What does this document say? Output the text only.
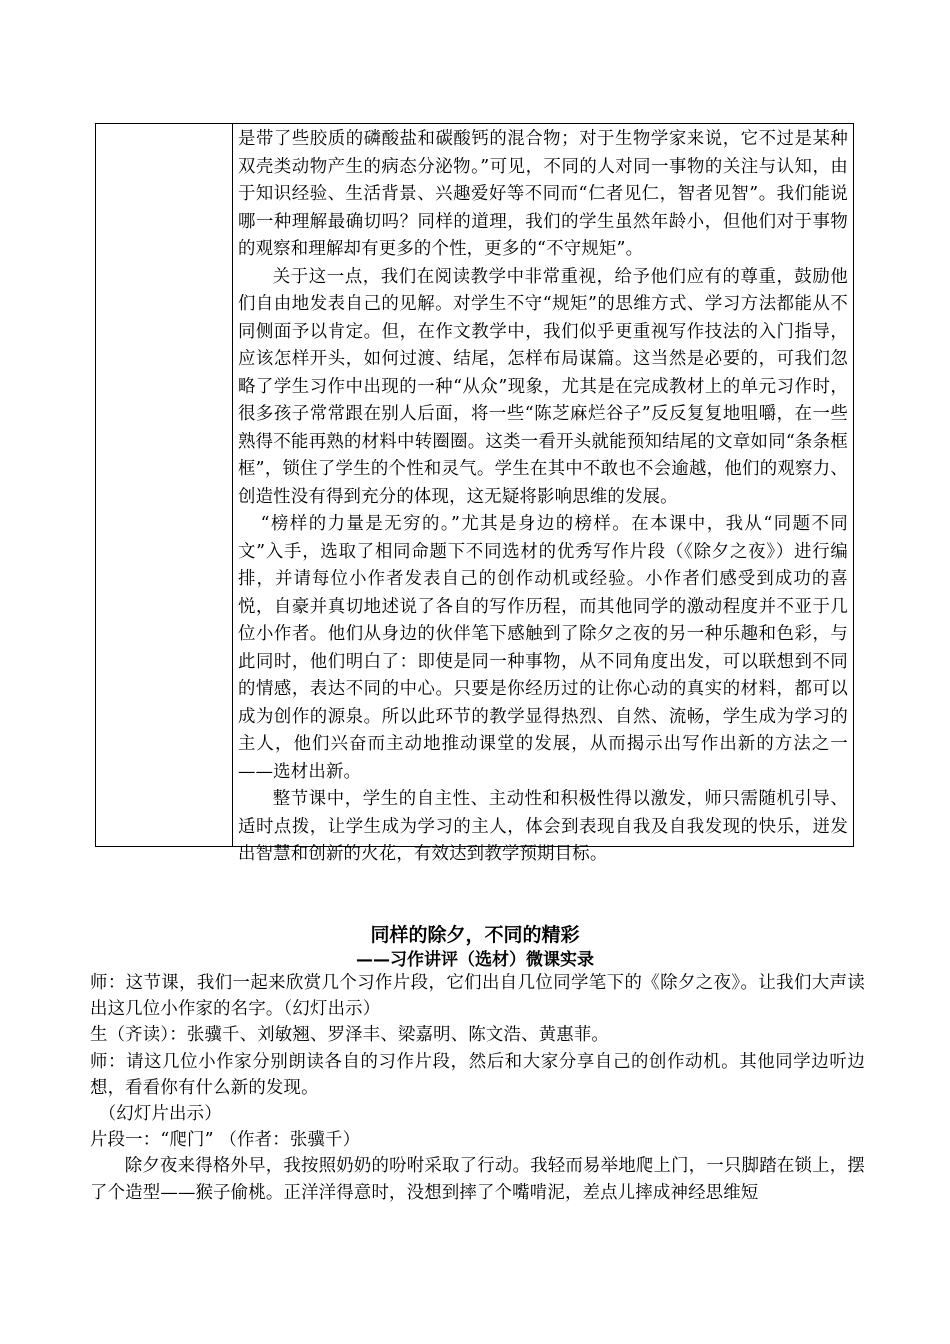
是带了些胶质的磷酸盐和碳酸钙的混合物；对于生物学家来说，它不过是某种双壳类动物产生的病态分泌物。”可见，不同的人对同一事物的关注与认知，由于知识经验、生活背景、兴趣爱好等不同而“仁者见仁，智者见智”。我们能说哪一种理解最确切吗？同样的道理，我们的学生虽然年龄小，但他们对于事物的观察和理解却有更多的个性，更多的“不守规矩”。

关于这一点，我们在阅读教学中非常重视，给予他们应有的尊重，鼓励他们自由地发表自己的见解。对学生不守“规矩”的思维方式、学习方法都能从不同侧面予以肯定。但，在作文教学中，我们似乎更重视写作技法的入门指导，应该怎样开头，如何过渡、结尾，怎样布局谋篇。这当然是必要的，可我们忽略了学生习作中出现的一种“从众”现象，尤其是在完成教材上的单元习作时，很多孩子常常跟在别人后面，将一些“陈芝麻烂谷子”反反复复地咀嚼，在一些熟得不能再熟的材料中转圈圈。这类一看开头就能预知结尾的文章如同“条条框框”，锁住了学生的个性和灵气。学生在其中不敢也不会逾越，他们的观察力、创造性没有得到充分的体现，这无疑将影响思维的发展。

“榜样的力量是无穷的。”尤其是身边的榜样。在本课中，我从“同题不同文”入手，选取了相同命题下不同选材的优秀写作片段（《除夕之夜》）进行编排，并请每位小作者发表自己的创作动机或经验。小作者们感受到成功的喜悦，自豪并真切地述说了各自的写作历程，而其他同学的激动程度并不亚于几位小作者。他们从身边的伙伴笔下感触到了除夕之夜的另一种乐趣和色彩，与此同时，他们明白了：即使是同一种事物，从不同角度出发，可以联想到不同的情感，表达不同的中心。只要是你经历过的让你心动的真实的材料，都可以成为创作的源泉。所以此环节的教学显得热烈、自然、流畅，学生成为学习的主人，他们兴奋而主动地推动课堂的发展，从而揭示出写作出新的方法之一——选材出新。

整节课中，学生的自主性、主动性和积极性得以激发，师只需随机引导、适时点拨，让学生成为学习的主人，体会到表现自我及自我发现的快乐，迸发出智慧和创新的火花，有效达到教学预期目标。

同样的除夕，不同的精彩
——习作讲评（选材）微课实录

师：这节课，我们一起来欣赏几个习作片段，它们出自几位同学笔下的《除夕之夜》。让我们大声读出这几位小作家的名字。（幻灯出示）

生（齐读）：张骥千、刘敏翘、罗泽丰、梁嘉明、陈文浩、黄惠菲。

师：请这几位小作家分别朗读各自的习作片段，然后和大家分享自己的创作动机。其他同学边听边想，看看你有什么新的发现。

（幻灯片出示）

片段一：“爬门” （作者：张骥千）

除夕夜来得格外早，我按照奶奶的吩咐采取了行动。我轻而易举地爬上门，一只脚踏在锁上，摆了个造型——猴子偷桃。正洋洋得意时，没想到摔了个嘴啃泥，差点儿摔成神经思维短
